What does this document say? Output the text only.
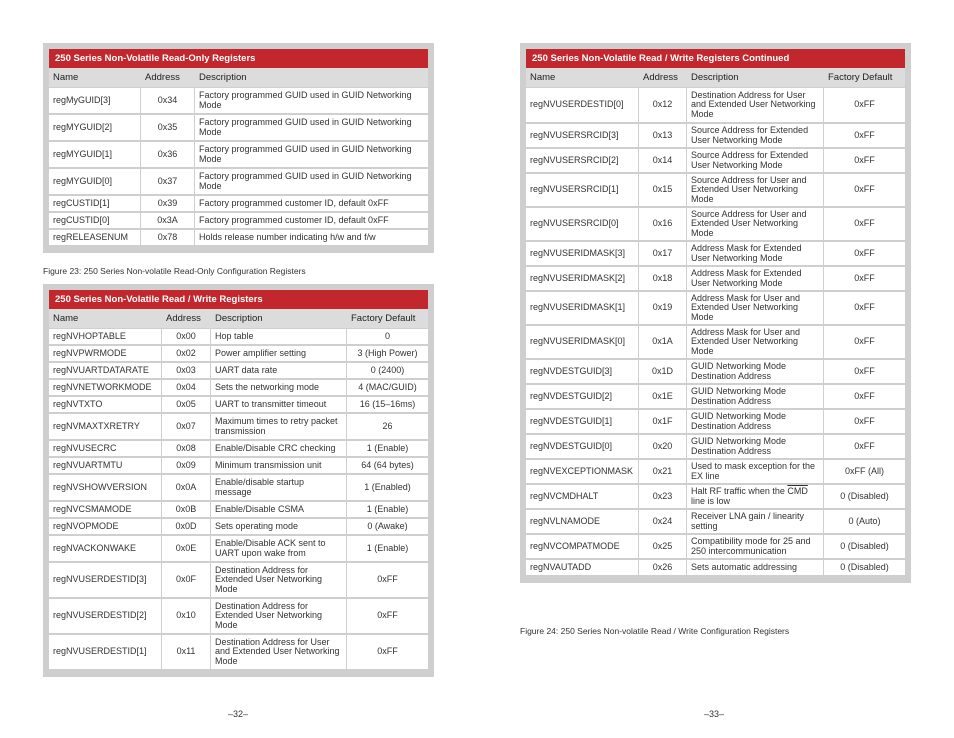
250 Series Non-Volatile Read-Only Registers		
Name	Address	Description
regMyGUID[3]	0x34	Factory programmed GUID used in GUID Networking Mode
regMYGUID[2]	0x35	Factory programmed GUID used in GUID Networking Mode
regMYGUID[1]	0x36	Factory programmed GUID used in GUID Networking Mode
regMYGUID[0]	0x37	Factory programmed GUID used in GUID Networking Mode
regCUSTID[1]	0x39	Factory programmed customer ID, default 0xFF
regCUSTID[0]	0x3A	Factory programmed customer ID, default 0xFF
regRELEASENUM	0x78	Holds release number indicating h/w and f/w
Figure 23: 250 Series Non-volatile Read-Only Configuration Registers
250 Series Non-Volatile Read / Write Registers			
Name	Address	Description	Factory Default
regNVHOPTABLE	0x00	Hop table	0
regNVPWRMODE	0x02	Power amplifier setting	3 (High Power)
regNVUARTDATARATE	0x03	UART data rate	0 (2400)
regNVNETWORKMODE	0x04	Sets the networking mode	4 (MAC/GUID)
regNVTXTO	0x05	UART to transmitter timeout	16 (15–16ms)
regNVMAXTXRETRY	0x07	Maximum times to retry packet transmission	26
regNVUSECRC	0x08	Enable/Disable CRC checking	1 (Enable)
regNVUARTMTU	0x09	Minimum transmission unit	64 (64 bytes)
regNVSHOWVERSION	0x0A	Enable/disable startup message	1 (Enabled)
regNVCSMAMODE	0x0B	Enable/Disable CSMA	1 (Enable)
regNVOPMODE	0x0D	Sets operating mode	0 (Awake)
regNVACKONWAKE	0x0E	Enable/Disable ACK sent to UART upon wake from	1 (Enable)
regNVUSERDESTID[3]	0x0F	Destination Address for Extended User Networking Mode	0xFF
regNVUSERDESTID[2]	0x10	Destination Address for Extended User Networking Mode	0xFF
regNVUSERDESTID[1]	0x11	Destination Address for User and Extended User Networking Mode	0xFF
–32–
250 Series Non-Volatile Read / Write Registers Continued			
Name	Address	Description	Factory Default
regNVUSERDESTID[0]	0x12	Destination Address for User and Extended User Networking Mode	0xFF
regNVUSERSRCID[3]	0x13	Source Address for Extended User Networking Mode	0xFF
regNVUSERSRCID[2]	0x14	Source Address for Extended User Networking Mode	0xFF
regNVUSERSRCID[1]	0x15	Source Address for User and Extended User Networking Mode	0xFF
regNVUSERSRCID[0]	0x16	Source Address for User and Extended User Networking Mode	0xFF
regNVUSERIDMASK[3]	0x17	Address Mask for Extended User Networking Mode	0xFF
regNVUSERIDMASK[2]	0x18	Address Mask for Extended User Networking Mode	0xFF
regNVUSERIDMASK[1]	0x19	Address Mask for User and Extended User Networking Mode	0xFF
regNVUSERIDMASK[0]	0x1A	Address Mask for User and Extended User Networking Mode	0xFF
regNVDESTGUID[3]	0x1D	GUID Networking Mode Destination Address	0xFF
regNVDESTGUID[2]	0x1E	GUID Networking Mode Destination Address	0xFF
regNVDESTGUID[1]	0x1F	GUID Networking Mode Destination Address	0xFF
regNVDESTGUID[0]	0x20	GUID Networking Mode Destination Address	0xFF
regNVEXCEPTIONMASK	0x21	Used to mask exception for the EX line	0xFF (All)
regNVCMDHALT	0x23	Halt RF traffic when the $\overline{CMD}$ line is low	0 (Disabled)
regNVLNAMODE	0x24	Receiver LNA gain / linearity setting	0 (Auto)
regNVCOMPATMODE	0x25	Compatibility mode for 25 and 250 intercommunication	0 (Disabled)
regNVAUTADD	0x26	Sets automatic addressing	0 (Disabled)
Figure 24: 250 Series Non-volatile Read / Write Configuration Registers
–33–
